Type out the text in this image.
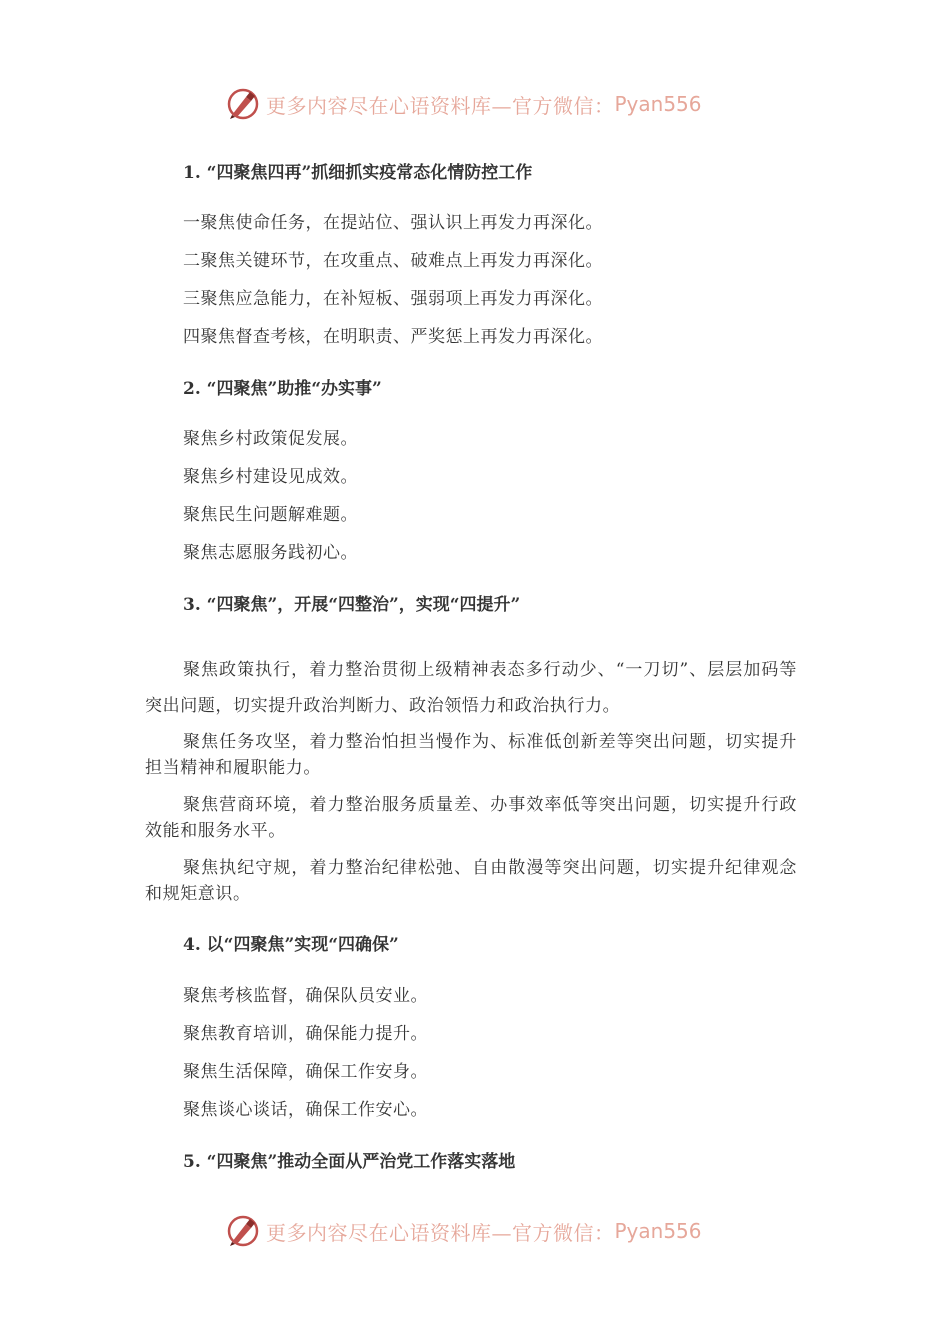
更多内容尽在心语资料库—官方微信： Pyan556
1. “四聚焦四再”抓细抓实疫常态化情防控工作
一聚焦使命任务，在提站位、强认识上再发力再深化。
二聚焦关键环节，在攻重点、破难点上再发力再深化。
三聚焦应急能力，在补短板、强弱项上再发力再深化。
四聚焦督查考核，在明职责、严奖惩上再发力再深化。
2. “四聚焦”助推“办实事”
聚焦乡村政策促发展。
聚焦乡村建设见成效。
聚焦民生问题解难题。
聚焦志愿服务践初心。
3. “四聚焦”，开展“四整治”，实现“四提升”
聚焦政策执行，着力整治贯彻上级精神表态多行动少、“一刀切”、层层加码等突出问题，切实提升政治判断力、政治领悟力和政治执行力。
聚焦任务攻坚，着力整治怕担当慢作为、标准低创新差等突出问题，切实提升担当精神和履职能力。
聚焦营商环境，着力整治服务质量差、办事效率低等突出问题，切实提升行政效能和服务水平。
聚焦执纪守规，着力整治纪律松弛、自由散漫等突出问题，切实提升纪律观念和规矩意识。
4. 以“四聚焦”实现“四确保”
聚焦考核监督，确保队员安业。
聚焦教育培训，确保能力提升。
聚焦生活保障，确保工作安身。
聚焦谈心谈话，确保工作安心。
5. “四聚焦”推动全面从严治党工作落实落地
更多内容尽在心语资料库—官方微信： Pyan556
